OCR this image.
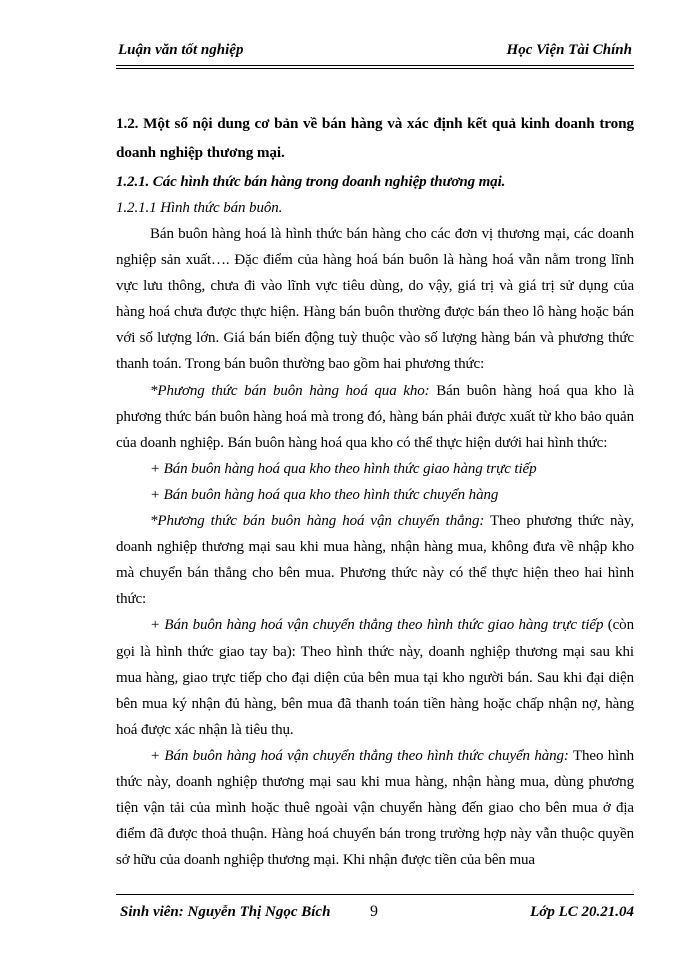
Luận văn tốt nghiệp	Học Viện Tài Chính

1.2. Một số nội dung cơ bản về bán hàng và xác định kết quả kinh doanh trong doanh nghiệp thương mại.

1.2.1. Các hình thức bán hàng trong doanh nghiệp thương mại.

1.2.1.1 Hình thức bán buôn.

Bán buôn hàng hoá là hình thức bán hàng cho các đơn vị thương mại, các doanh nghiệp sản xuất…. Đặc điểm của hàng hoá bán buôn là hàng hoá vẫn nằm trong lĩnh vực lưu thông, chưa đi vào lĩnh vực tiêu dùng, do vậy, giá trị và giá trị sử dụng của hàng hoá chưa được thực hiện. Hàng bán buôn thường được bán theo lô hàng hoặc bán với số lượng lớn. Giá bán biến động tuỳ thuộc vào số lượng hàng bán và phương thức thanh toán. Trong bán buôn thường bao gồm hai phương thức:

*Phương thức bán buôn hàng hoá qua kho: Bán buôn hàng hoá qua kho là phương thức bán buôn hàng hoá mà trong đó, hàng bán phải được xuất từ kho bảo quản của doanh nghiệp. Bán buôn hàng hoá qua kho có thể thực hiện dưới hai hình thức:

+ Bán buôn hàng hoá qua kho theo hình thức giao hàng trực tiếp

+ Bán buôn hàng hoá qua kho theo hình thức chuyển hàng

*Phương thức bán buôn hàng hoá vận chuyển thẳng: Theo phương thức này, doanh nghiệp thương mại sau khi mua hàng, nhận hàng mua, không đưa về nhập kho mà chuyển bán thẳng cho bên mua. Phương thức này có thể thực hiện theo hai hình thức:

+ Bán buôn hàng hoá vận chuyển thẳng theo hình thức giao hàng trực tiếp (còn gọi là hình thức giao tay ba): Theo hình thức này, doanh nghiệp thương mại sau khi mua hàng, giao trực tiếp cho đại diện của bên mua tại kho người bán. Sau khi đại diện bên mua ký nhận đủ hàng, bên mua đã thanh toán tiền hàng hoặc chấp nhận nợ, hàng hoá được xác nhận là tiêu thụ.

+ Bán buôn hàng hoá vận chuyển thẳng theo hình thức chuyển hàng: Theo hình thức này, doanh nghiệp thương mại sau khi mua hàng, nhận hàng mua, dùng phương tiện vận tải của mình hoặc thuê ngoài vận chuyển hàng đến giao cho bên mua ở địa điểm đã được thoả thuận. Hàng hoá chuyển bán trong trường hợp này vẫn thuộc quyền sở hữu của doanh nghiệp thương mại. Khi nhận được tiền của bên mua

Sinh viên: Nguyễn Thị Ngọc Bích 9	Lớp LC 20.21.04
